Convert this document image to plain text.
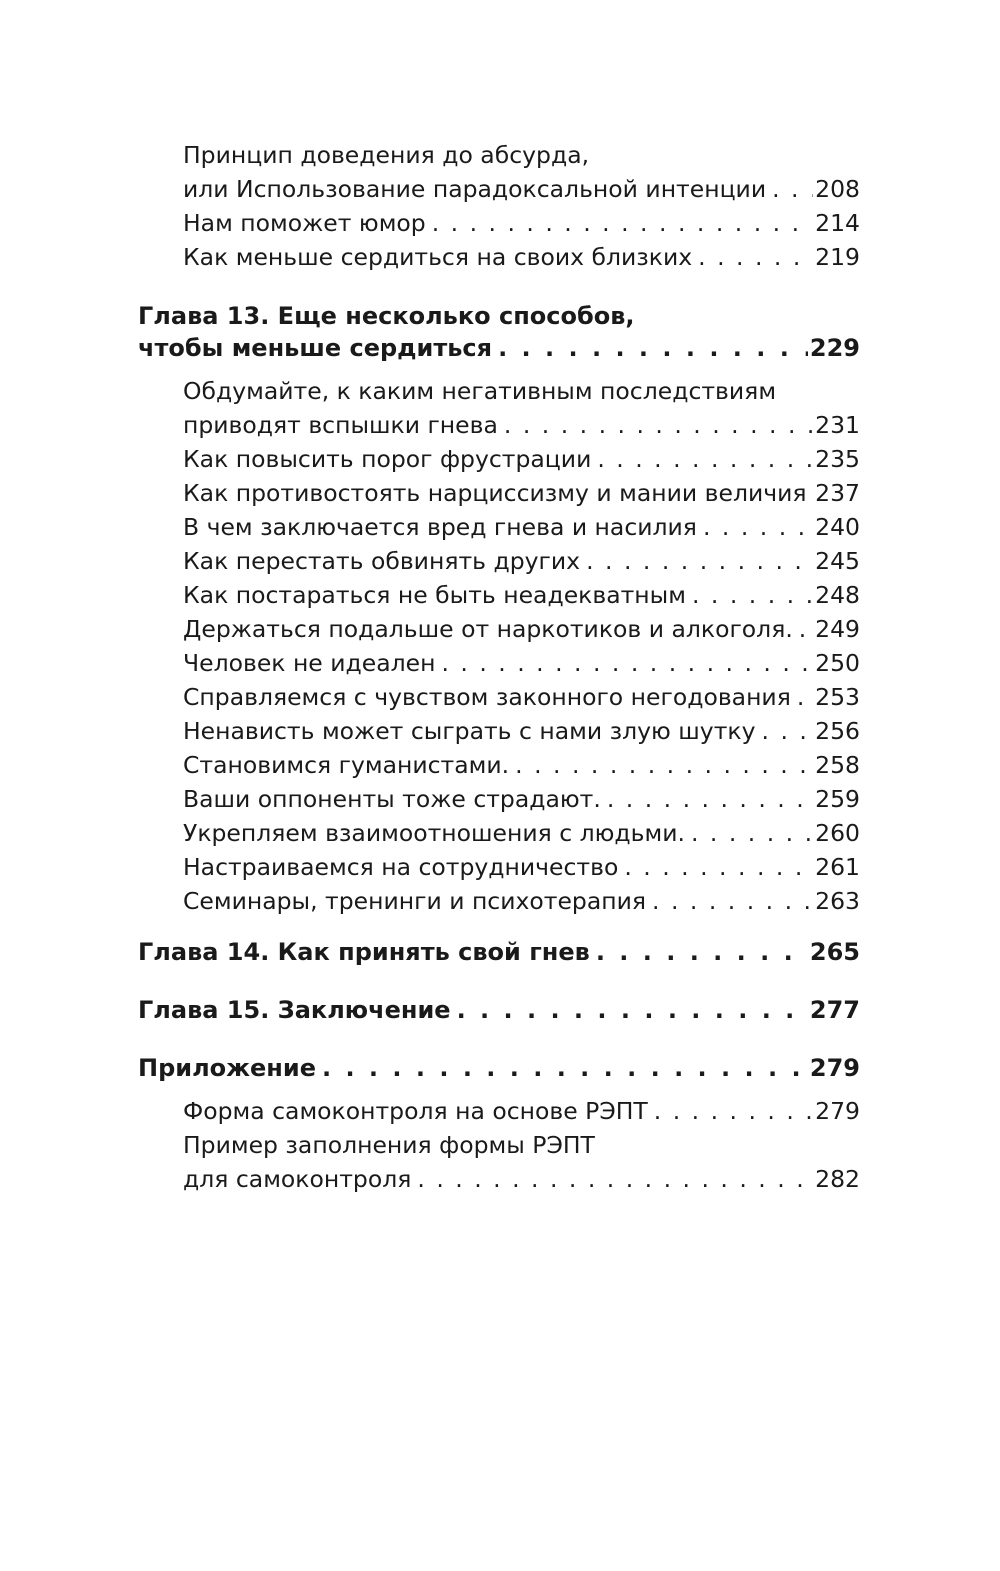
Принцип доведения до абсурда,
или Использование парадоксальной интенции . . . 208
Нам поможет юмор . . .	214
Как меньше сердиться на своих близких . . .	219
Глава 13. Еще несколько способов,
чтобы меньше сердиться . . .	229
Обдумайте, к каким негативным последствиям
приводят вспышки гнева . . .	231
Как повысить порог фрустрации . . .	235
Как противостоять нарциссизму и мании величия . . . 237
В чем заключается вред гнева и насилия . . .	240
Как перестать обвинять других . . .	245
Как постараться не быть неадекватным . . .	248
Держаться подальше от наркотиков и алкоголя. . . . 249
Человек не идеален . . .	250
Справляемся с чувством законного негодования . . . 253
Ненависть может сыграть с нами злую шутку . . .	256
Становимся гуманистами. . . .	258
Ваши оппоненты тоже страдают. . . .	259
Укрепляем взаимоотношения с людьми. . . .	260
Настраиваемся на сотрудничество . . .	261
Семинары, тренинги и психотерапия . . .	263
Глава 14. Как принять свой гнев . . .	265
Глава 15. Заключение . . .	277
Приложение . . .	279
Форма самоконтроля на основе РЭПТ . . .	279
Пример заполнения формы РЭПТ
для самоконтроля . . .	282
